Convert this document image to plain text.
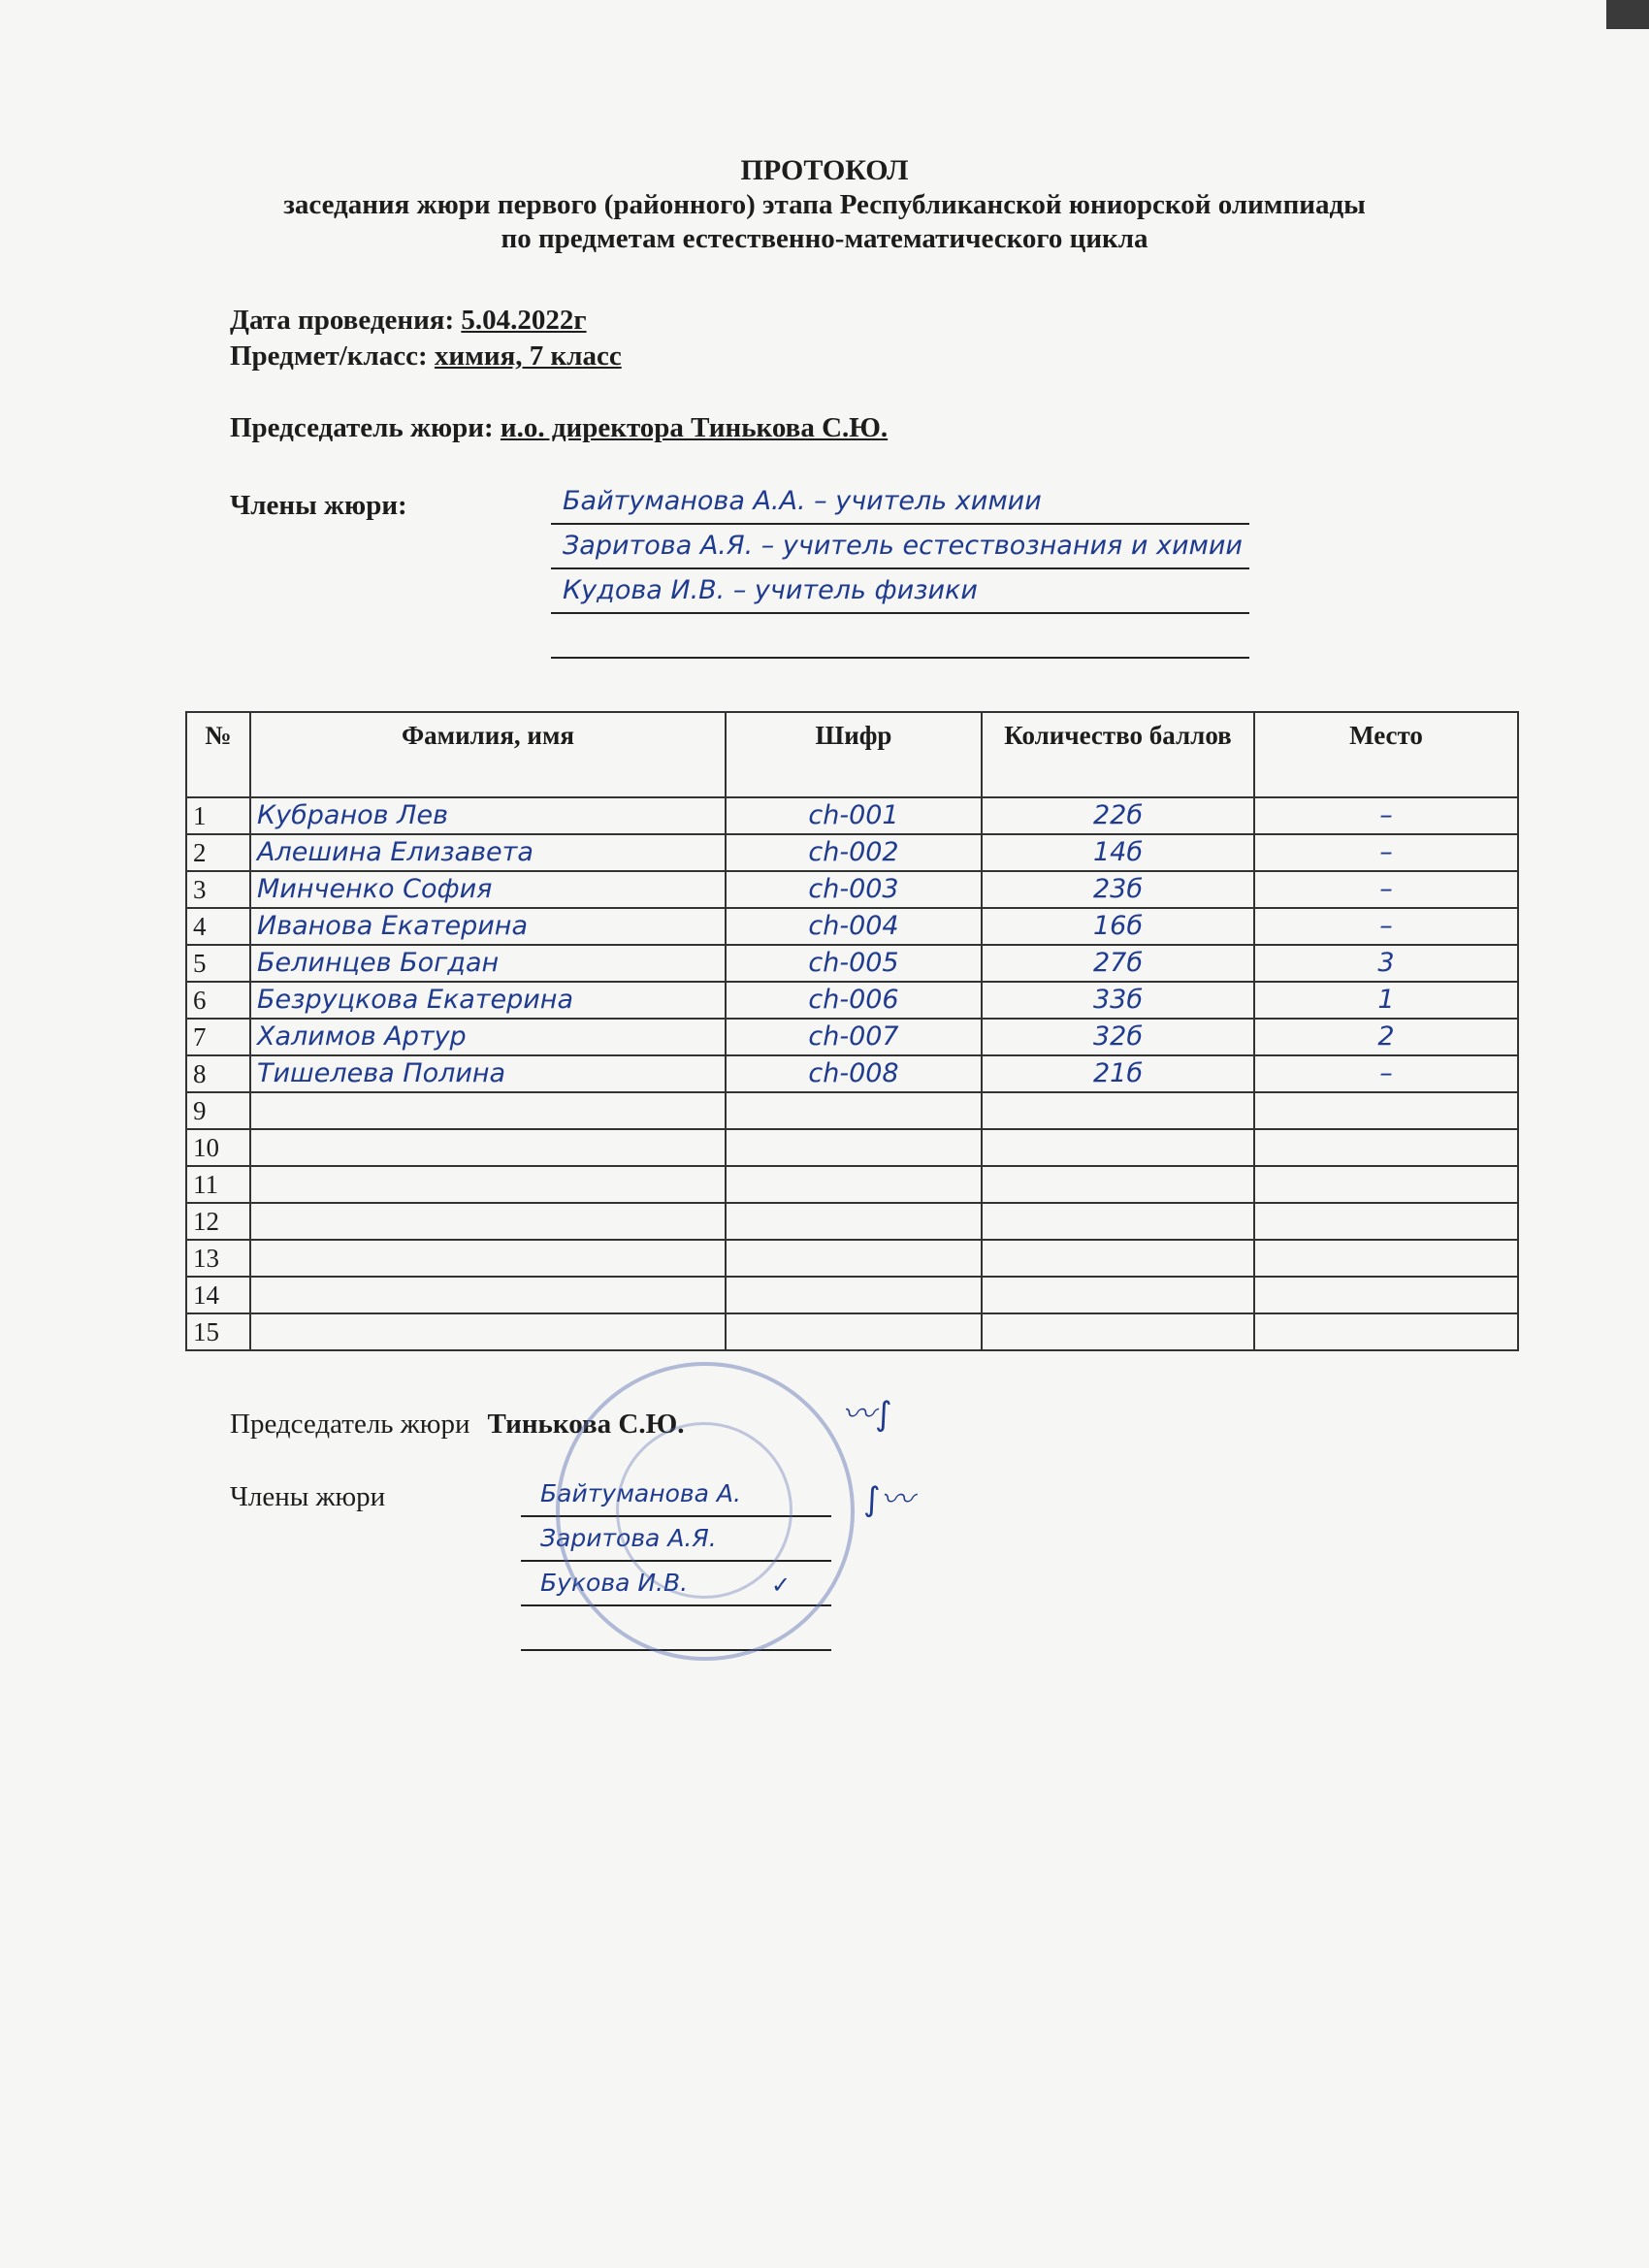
ПРОТОКОЛ
заседания жюри первого (районного) этапа Республиканской юниорской олимпиады
по предметам естественно-математического цикла
Дата проведения: 5.04.2022г
Предмет/класс: химия, 7 класс
Председатель жюри: и.о. директора Тинькова С.Ю.
Члены жюри:	Байтуманова А.А. – учитель химии
Заритова А.Я. – учитель естествознания и химии
Кудова И.В. – учитель физики
№	Фамилия, имя	Шифр	Количество баллов	Место
1	Кубранов Лев	ch-001	22б	–
2	Алешина Елизавета	ch-002	14б	–
3	Минченко София	ch-003	23б	–
4	Иванова Екатерина	ch-004	16б	–
5	Белинцев Богдан	ch-005	27б	3
6	Безруцкова Екатерина	ch-006	33б	1
7	Халимов Артур	ch-007	32б	2
8	Тишелева Полина	ch-008	21б	–
9				
10				
11				
12				
13				
14				
15				
Председатель жюри Тинькова С.Ю.
Члены жюри	Байтуманова А.
Заритова А.Я.
Букова И.В.
〰∫
∫〰
✓
